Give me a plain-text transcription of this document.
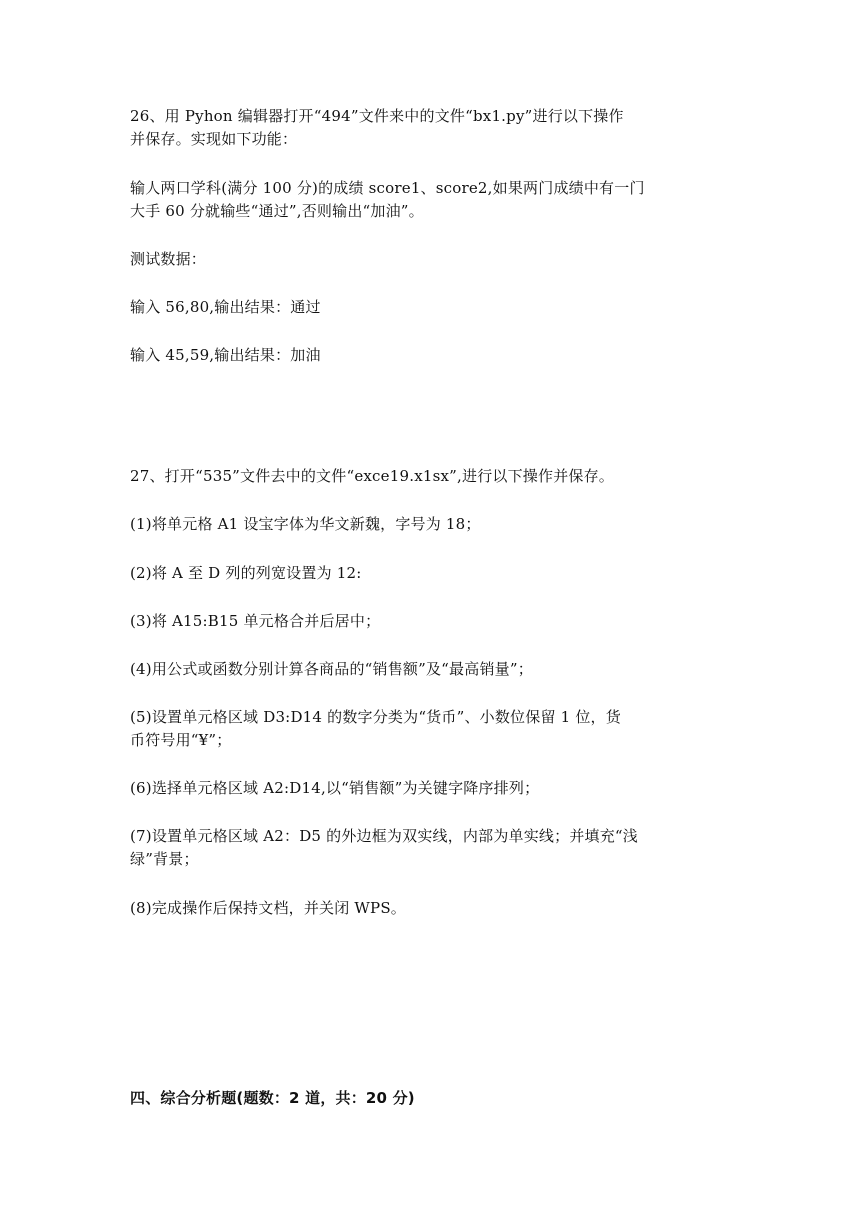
26、用 Pyhon 编辑器打开“494”文件来中的文件“bx1.py”进行以下操作
并保存。实现如下功能：
输人两口学科(满分 100 分)的成绩 score1、score2,如果两门成绩中有一门
大手 60 分就输些“通过”,否则输出“加油”。
测试数据：
输入 56,80,输出结果：通过
输入 45,59,输出结果：加油
27、打开“535”文件去中的文件“exce19.x1sx”,进行以下操作并保存。
(1)将单元格 A1 设宝字体为华文新魏，字号为 18；
(2)将 A 至 D 列的列宽设置为 12:
(3)将 A15:B15 单元格合并后居中；
(4)用公式或函数分别计算各商品的“销售额”及“最高销量”；
(5)设置单元格区域 D3:D14 的数字分类为“货币”、小数位保留 1 位，货
币符号用“¥”；
(6)选择单元格区域 A2:D14,以“销售额”为关键字降序排列；
(7)设置单元格区域 A2：D5 的外边框为双实线，内部为单实线；并填充“浅
绿”背景；
(8)完成操作后保持文档，并关闭 WPS。
四、综合分析题(题数：2 道，共：20 分)
